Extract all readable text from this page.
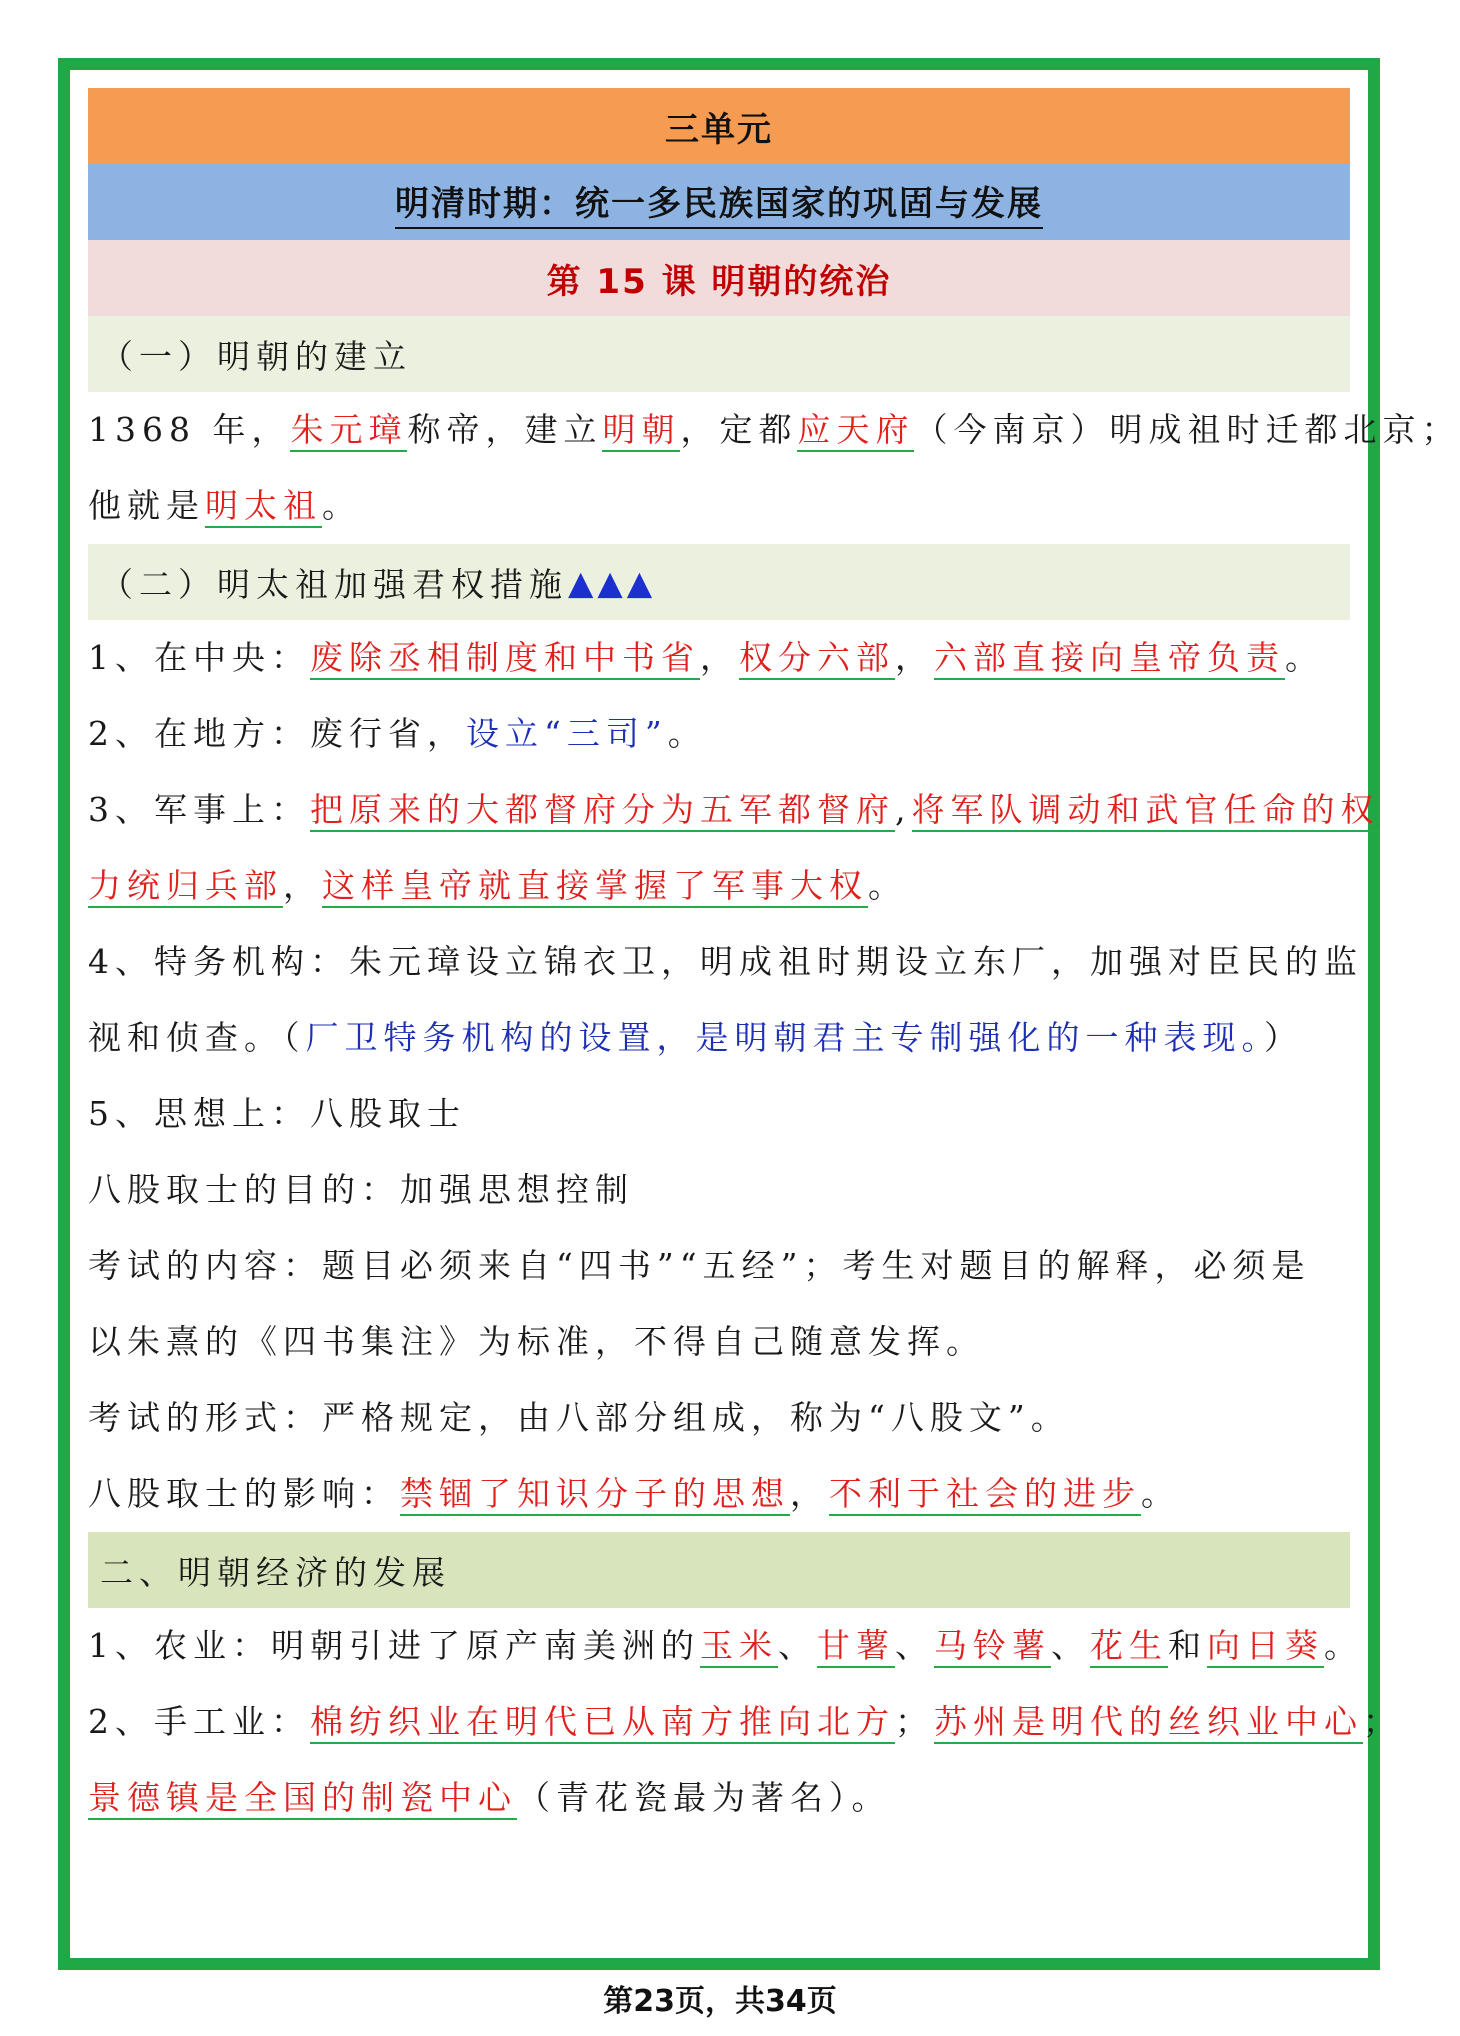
三单元
明清时期：统一多民族国家的巩固与发展
第 15 课 明朝的统治
（一）明朝的建立
1368 年，朱元璋称帝，建立明朝，定都应天府（今南京）明成祖时迁都北京；
他就是明太祖。
（二）明太祖加强君权措施 ▲▲▲
1、在中央：废除丞相制度和中书省，权分六部，六部直接向皇帝负责。
2、在地方：废行省，设立“三司”。
3、军事上：把原来的大都督府分为五军都督府,将军队调动和武官任命的权
力统归兵部，这样皇帝就直接掌握了军事大权。
4、特务机构：朱元璋设立锦衣卫，明成祖时期设立东厂，加强对臣民的监
视和侦查。（厂卫特务机构的设置，是明朝君主专制强化的一种表现。）
5、思想上：八股取士
八股取士的目的：加强思想控制
考试的内容：题目必须来自“四书”“五经”；考生对题目的解释，必须是
以朱熹的《四书集注》为标准，不得自己随意发挥。
考试的形式：严格规定，由八部分组成，称为“八股文”。
八股取士的影响：禁锢了知识分子的思想，不利于社会的进步。
二、明朝经济的发展
1、农业：明朝引进了原产南美洲的玉米、甘薯、马铃薯、花生和向日葵。
2、手工业：棉纺织业在明代已从南方推向北方；苏州是明代的丝织业中心；
景德镇是全国的制瓷中心（青花瓷最为著名）。
第23页，共34页
